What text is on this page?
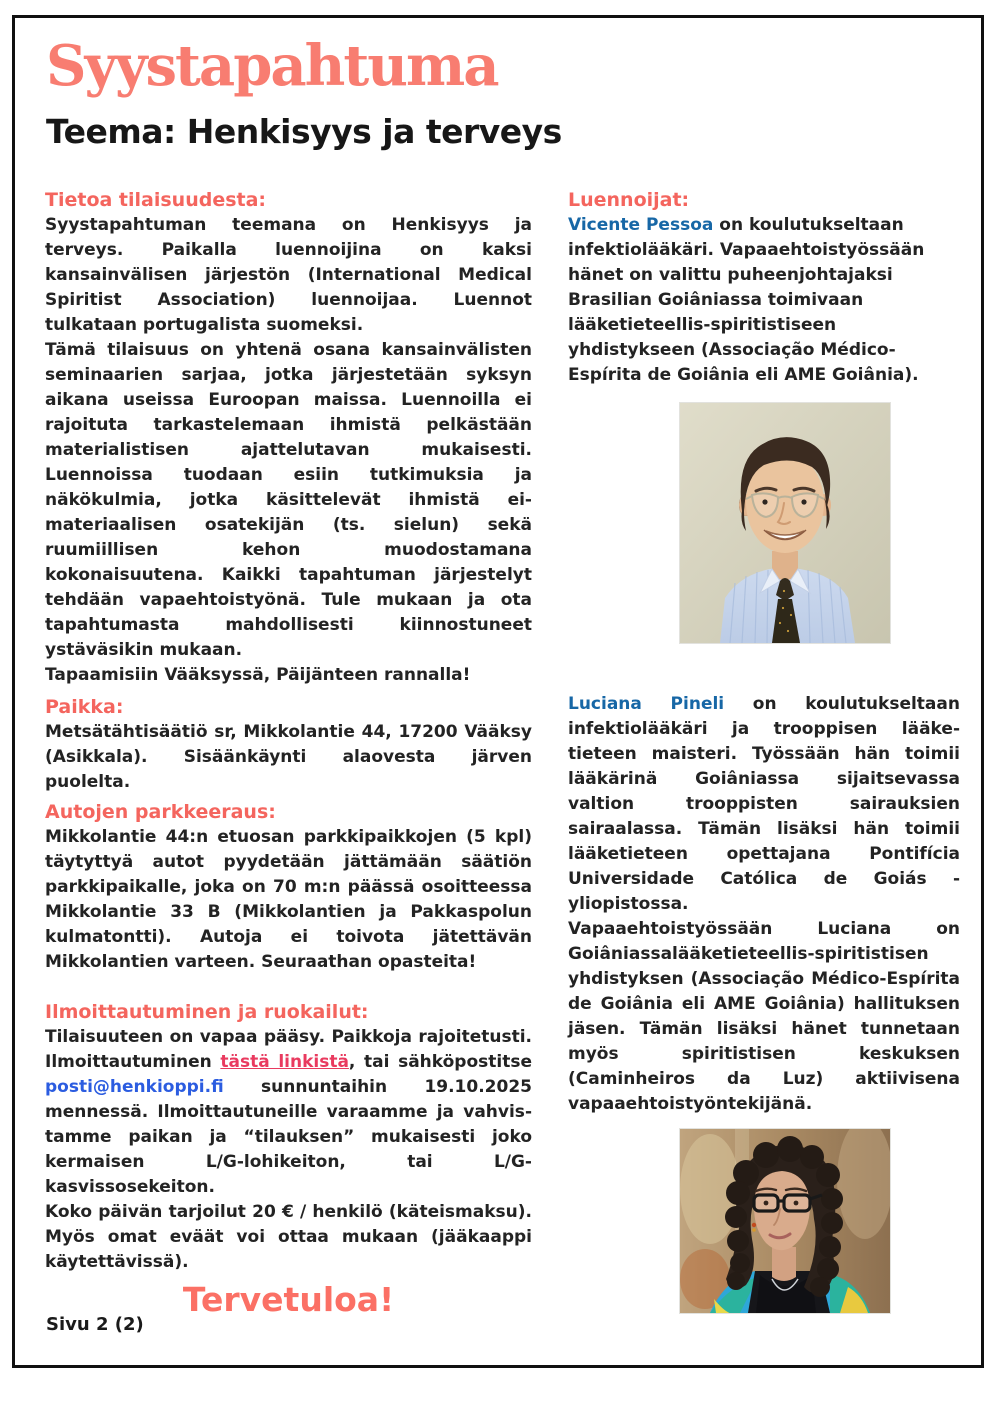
Syystapahtuma
Teema: Henkisyys ja terveys
Tietoa tilaisuudesta:

Syystapahtuman teemana on Henkisyys ja terveys. Paikalla luennoijina on kaksi kansainvälisen järjestön (International Medical Spiritist Association) luennoijaa. Luennot tulkataan portugalista suomeksi.

Tämä tilaisuus on yhtenä osana kansainvälisten seminaarien sarjaa, jotka järjestetään syksyn aikana useissa Euroopan maissa. Luennoilla ei rajoituta tarkastelemaan ihmistä pelkästään materialistisen ajattelutavan mukaisesti. Luennoissa tuodaan esiin tutkimuksia ja näkökulmia, jotka käsittelevät ihmistä ei-materiaalisen osatekijän (ts. sielun) sekä ruumiillisen kehon muodostamana kokonaisuutena. Kaikki tapahtuman järjestelyt tehdään vapaehtoistyönä. Tule mukaan ja ota tapahtumasta mahdollisesti kiinnostuneet ystäväsikin mukaan.

Tapaamisiin Vääksyssä, Päijänteen rannalla!

Paikka:

Metsätähtisäätiö sr, Mikkolantie 44, 17200 Vääksy (Asikkala). Sisäänkäynti alaovesta järven puolelta.

Autojen parkkeeraus:

Mikkolantie 44:n etuosan parkkipaikkojen (5 kpl) täytyttyä autot pyydetään jättämään säätiön parkkipaikalle, joka on 70 m:n päässä osoitteessa Mikkolantie 33 B (Mikkolantien ja Pakkaspolun kulmatontti). Autoja ei toivota jätettävän Mikkolantien varteen. Seuraathan opasteita!

Ilmoittautuminen ja ruokailut:

Tilaisuuteen on vapaa pääsy. Paikkoja rajoitetusti. Ilmoittautuminen tästä linkistä, tai sähköpostitse posti@henkioppi.fi sunnuntaihin 19.10.2025 mennessä. Ilmoittautuneille varaamme ja vahvistamme paikan ja “tilauksen” mukaisesti joko kermaisen L/G-lohikeiton, tai L/G-kasvissosekeiton.

Koko päivän tarjoilut 20 € / henkilö (käteismaksu). Myös omat eväät voi ottaa mukaan (jääkaappi käytettävissä).

Tervetuloa!
Sivu 2 (2)
Luennoijat:

Vicente Pessoa on koulutukseltaan infektiolääkäri. Vapaaehtoistyössään hänet on valittu puheenjohtajaksi Brasilian Goiâniassa toimivaan lääketieteellis-spiritistiseen yhdistykseen (Associação Médico-Espírita de Goiânia eli AME Goiânia).

Luciana Pineli on koulutukseltaan infektiolääkäri ja trooppisen lääketieteen maisteri. Työssään hän toimii lääkärinä Goiâniassa sijaitsevassa valtion trooppisten sairauksien sairaalassa. Tämän lisäksi hän toimii lääketieteen opettajana Pontifícia Universidade Católica de Goiás -yliopistossa.

Vapaaehtoistyössään Luciana on Goiâniassalääketieteellis-spiritistisen yhdistyksen (Associação Médico-Espírita de Goiânia eli AME Goiânia) hallituksen jäsen. Tämän lisäksi hänet tunnetaan myös spiritistisen keskuksen (Caminheiros da Luz) aktiivisena vapaaehtoistyöntekijänä.
